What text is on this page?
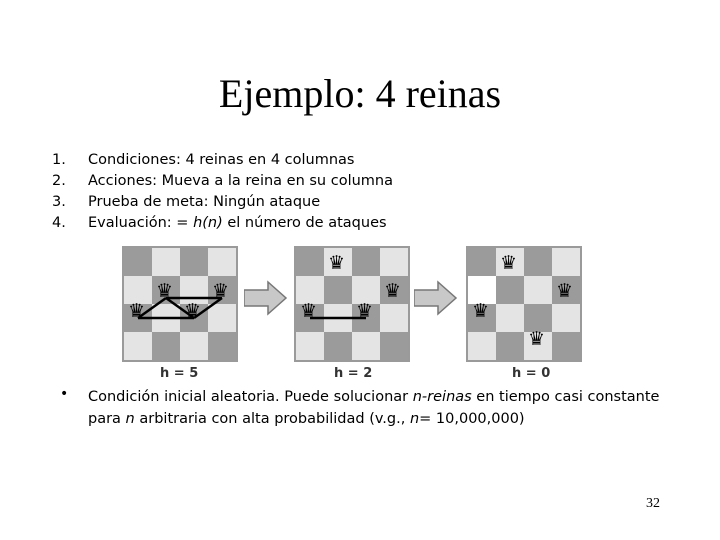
Ejemplo: 4 reinas
1.	Condiciones: 4 reinas en 4 columnas
2.	Acciones: Mueva a la reina en su columna
3.	Prueba de meta: Ningún ataque
4.	Evaluación: = h(n) el número de ataques
♛
♛
♛
♛
h = 5
♛
♛
♛
♛
h = 2
♛
♛
♛
♛
h = 0
• Condición inicial aleatoria. Puede solucionar n-reinas en tiempo casi constante para n arbitraria con alta probabilidad (v.g., n= 10,000,000)
32
